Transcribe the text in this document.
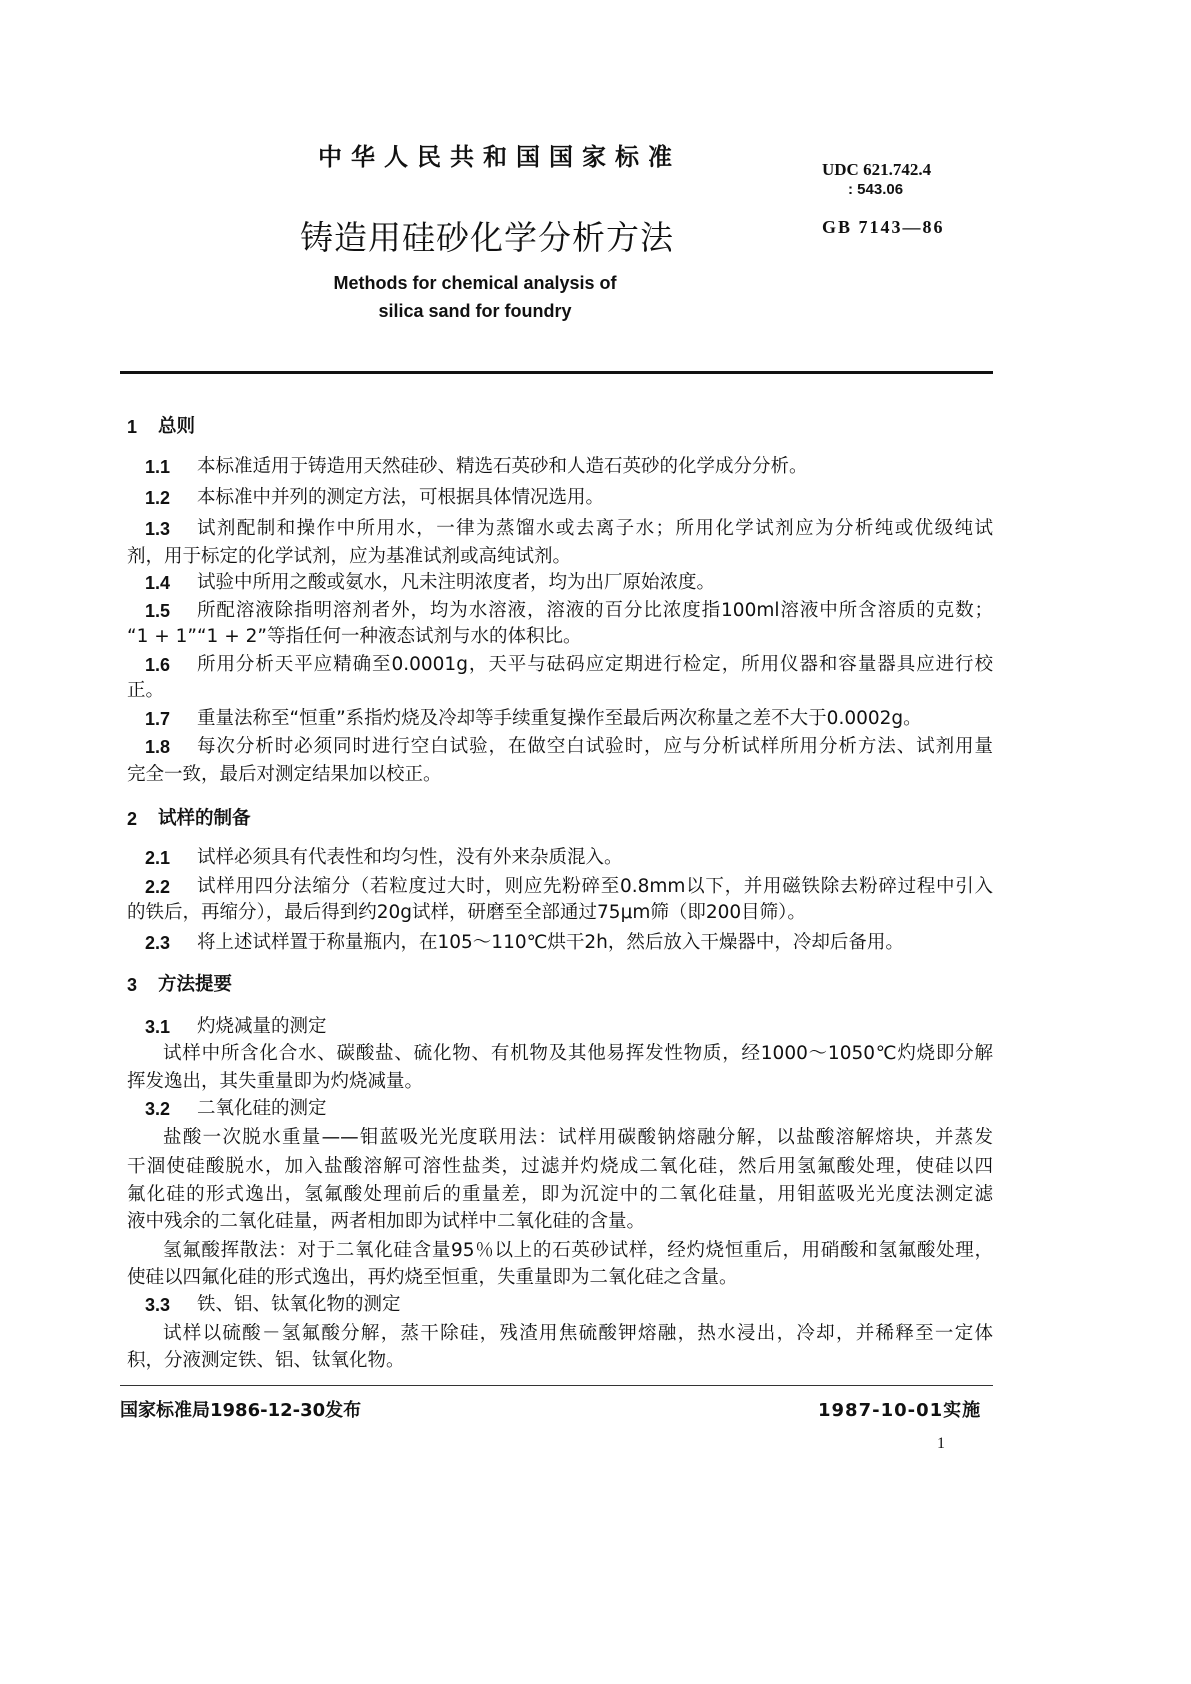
中华人民共和国国家标准	UDC 621.742.4
: 543.06
铸造用硅砂化学分析方法	GB 7143—86
Methods for chemical analysis of
silica sand for foundry
1 总则
1.1 本标准适用于铸造用天然硅砂、精选石英砂和人造石英砂的化学成分分析。
1.2 本标准中并列的测定方法，可根据具体情况选用。
1.3 试剂配制和操作中所用水，一律为蒸馏水或去离子水；所用化学试剂应为分析纯或优级纯试
剂，用于标定的化学试剂，应为基准试剂或高纯试剂。
1.4 试验中所用之酸或氨水，凡未注明浓度者，均为出厂原始浓度。
1.5 所配溶液除指明溶剂者外，均为水溶液，溶液的百分比浓度指100ml溶液中所含溶质的克数；
“1 + 1”“1 + 2”等指任何一种液态试剂与水的体积比。
1.6 所用分析天平应精确至0.0001g，天平与砝码应定期进行检定，所用仪器和容量器具应进行校
正。
1.7 重量法称至“恒重”系指灼烧及冷却等手续重复操作至最后两次称量之差不大于0.0002g。
1.8 每次分析时必须同时进行空白试验，在做空白试验时，应与分析试样所用分析方法、试剂用量
完全一致，最后对测定结果加以校正。
2 试样的制备
2.1 试样必须具有代表性和均匀性，没有外来杂质混入。
2.2 试样用四分法缩分（若粒度过大时，则应先粉碎至0.8mm以下，并用磁铁除去粉碎过程中引入
的铁后，再缩分），最后得到约20g试样，研磨至全部通过75μm筛（即200目筛）。
2.3 将上述试样置于称量瓶内，在105～110℃烘干2h，然后放入干燥器中，冷却后备用。
3 方法提要
3.1 灼烧减量的测定
试样中所含化合水、碳酸盐、硫化物、有机物及其他易挥发性物质，经1000～1050℃灼烧即分解
挥发逸出，其失重量即为灼烧减量。
3.2 二氧化硅的测定
盐酸一次脱水重量——钼蓝吸光光度联用法：试样用碳酸钠熔融分解，以盐酸溶解熔块，并蒸发
干涸使硅酸脱水，加入盐酸溶解可溶性盐类，过滤并灼烧成二氧化硅，然后用氢氟酸处理，使硅以四
氟化硅的形式逸出，氢氟酸处理前后的重量差，即为沉淀中的二氧化硅量，用钼蓝吸光光度法测定滤
液中残余的二氧化硅量，两者相加即为试样中二氧化硅的含量。
氢氟酸挥散法：对于二氧化硅含量95％以上的石英砂试样，经灼烧恒重后，用硝酸和氢氟酸处理，
使硅以四氟化硅的形式逸出，再灼烧至恒重，失重量即为二氧化硅之含量。
3.3 铁、铝、钛氧化物的测定
试样以硫酸－氢氟酸分解，蒸干除硅，残渣用焦硫酸钾熔融，热水浸出，冷却，并稀释至一定体
积，分液测定铁、铝、钛氧化物。
国家标准局1986-12-30发布	1987-10-01实施
1
